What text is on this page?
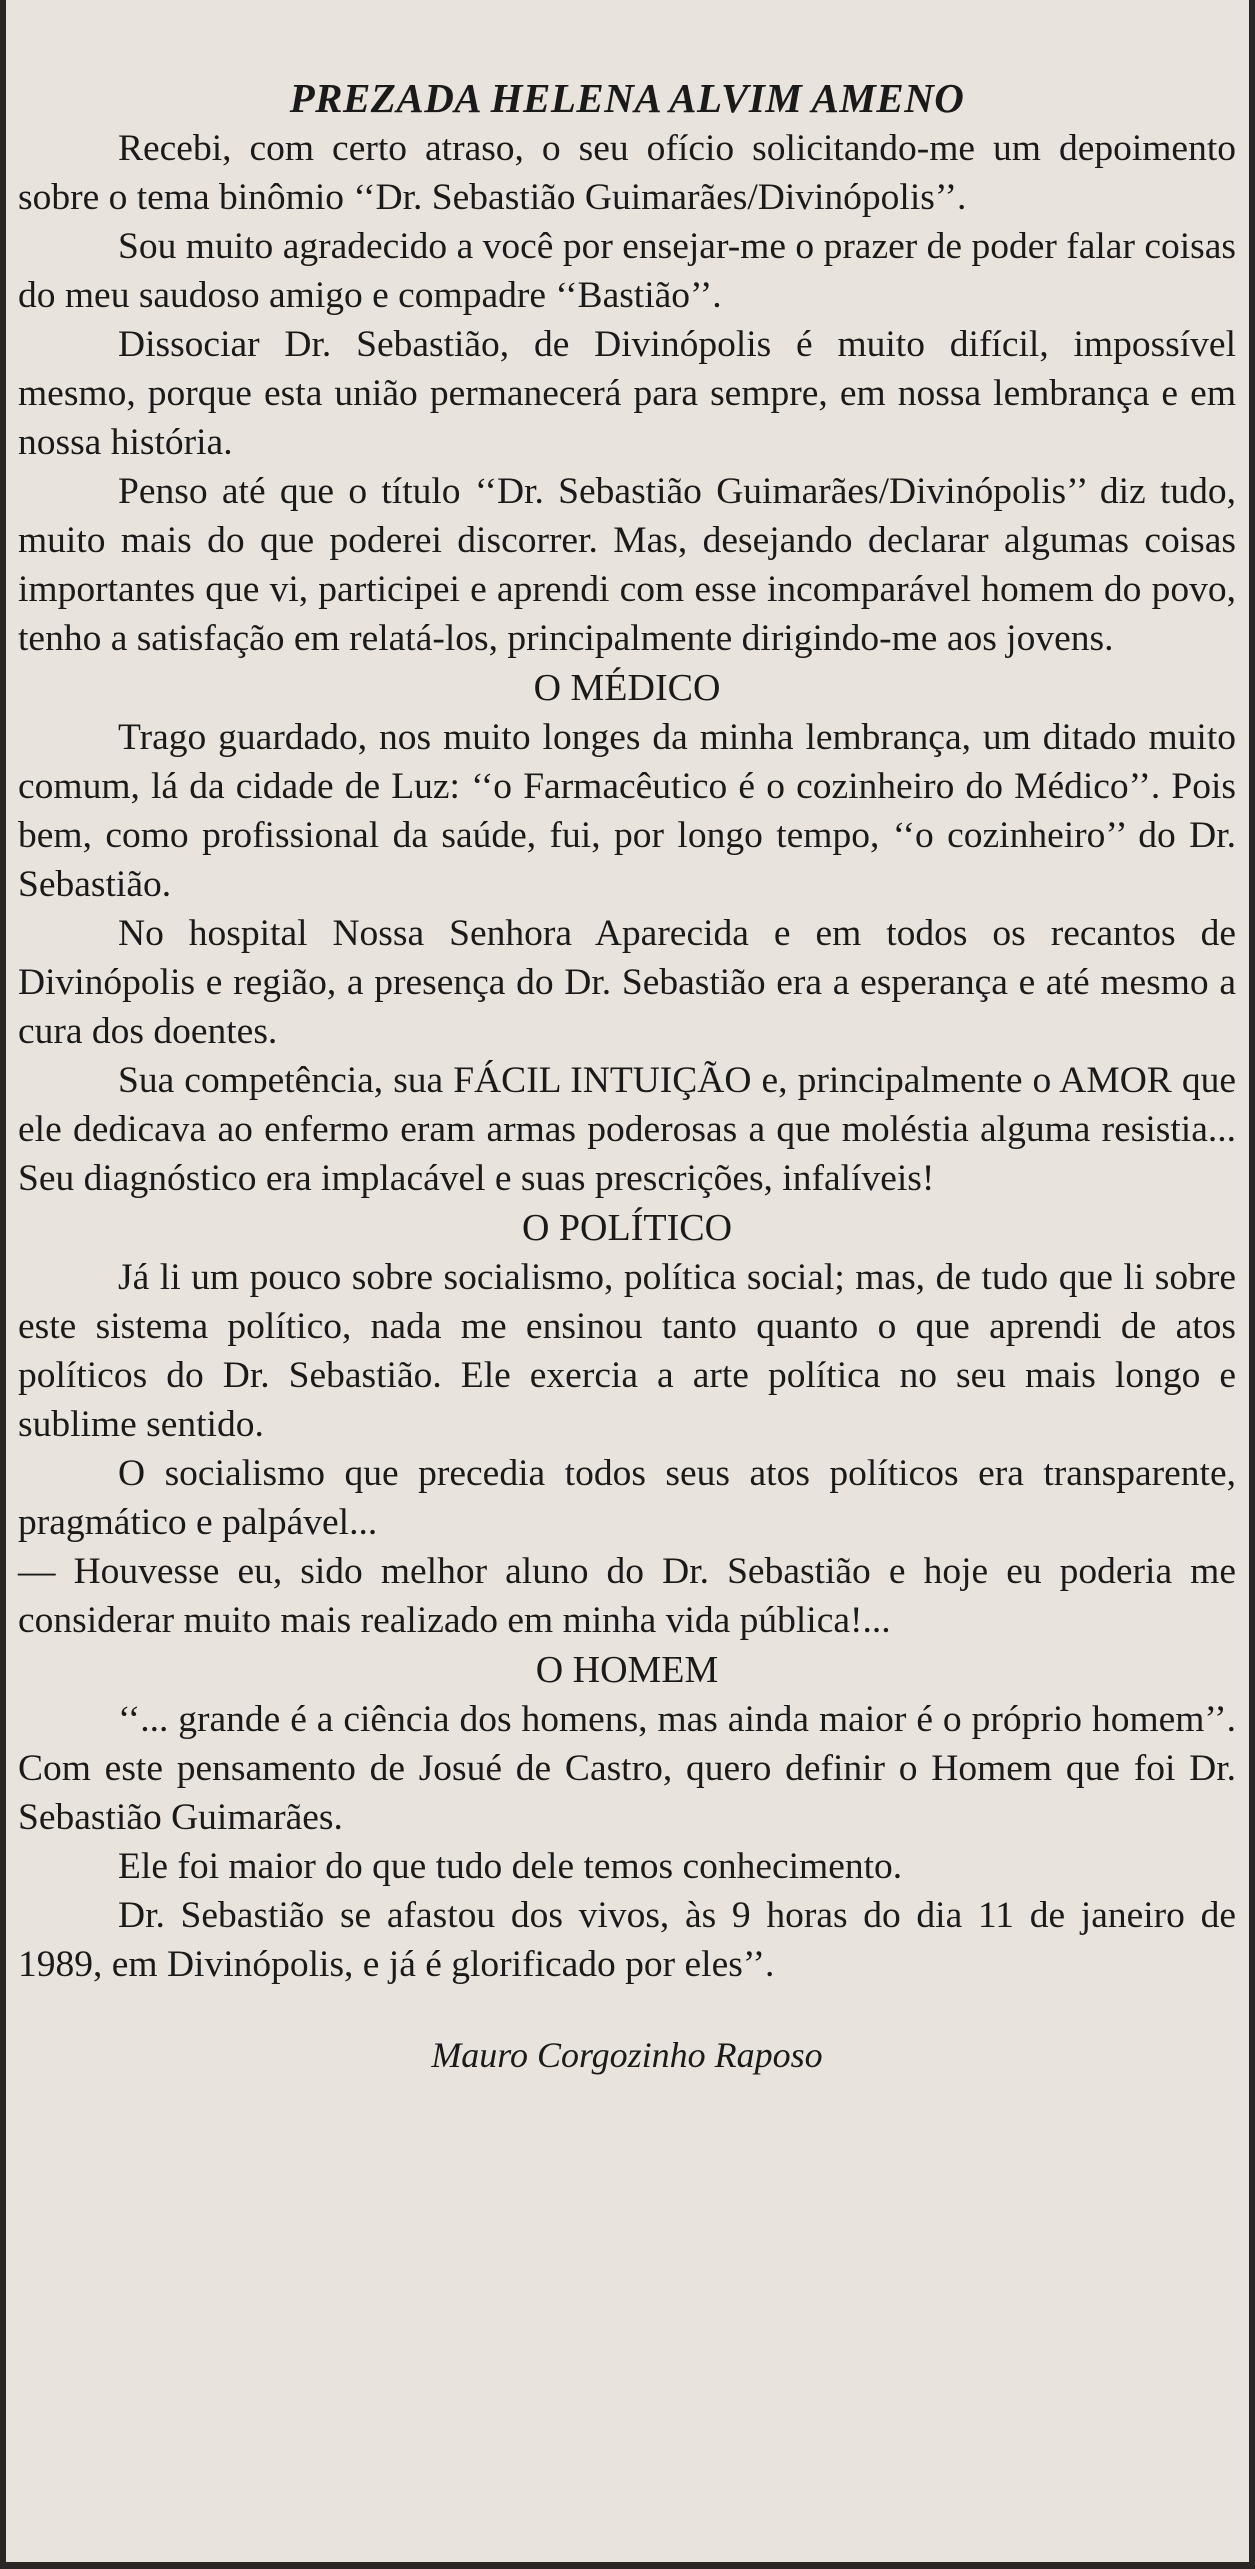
PREZADA HELENA ALVIM AMENO

Recebi, com certo atraso, o seu ofício solicitando-me um depoimento sobre o tema binômio ‘‘Dr. Sebastião Guimarães/Divinópolis’’.

Sou muito agradecido a você por ensejar-me o prazer de poder falar coisas do meu saudoso amigo e compadre ‘‘Bastião’’.

Dissociar Dr. Sebastião, de Divinópolis é muito difícil, impossível mesmo, porque esta união permanecerá para sempre, em nossa lembrança e em nossa história.

Penso até que o título ‘‘Dr. Sebastião Guimarães/Divinópolis’’ diz tudo, muito mais do que poderei discorrer. Mas, desejando declarar algumas coisas importantes que vi, participei e aprendi com esse incomparável homem do povo, tenho a satisfação em relatá-los, principalmente dirigindo-me aos jovens.

O MÉDICO

Trago guardado, nos muito longes da minha lembrança, um ditado muito comum, lá da cidade de Luz: ‘‘o Farmacêutico é o cozinheiro do Médico’’. Pois bem, como profissional da saúde, fui, por longo tempo, ‘‘o cozinheiro’’ do Dr. Sebastião.

No hospital Nossa Senhora Aparecida e em todos os recantos de Divinópolis e região, a presença do Dr. Sebastião era a esperança e até mesmo a cura dos doentes.

Sua competência, sua FÁCIL INTUIÇÃO e, principalmente o AMOR que ele dedicava ao enfermo eram armas poderosas a que moléstia alguma resistia... Seu diagnóstico era implacável e suas prescrições, infalíveis!

O POLÍTICO

Já li um pouco sobre socialismo, política social; mas, de tudo que li sobre este sistema político, nada me ensinou tanto quanto o que aprendi de atos políticos do Dr. Sebastião. Ele exercia a arte política no seu mais longo e sublime sentido.

O socialismo que precedia todos seus atos políticos era transparente, pragmático e palpável...

— Houvesse eu, sido melhor aluno do Dr. Sebastião e hoje eu poderia me considerar muito mais realizado em minha vida pública!...

O HOMEM

‘‘... grande é a ciência dos homens, mas ainda maior é o próprio homem’’. Com este pensamento de Josué de Castro, quero definir o Homem que foi Dr. Sebastião Guimarães.

Ele foi maior do que tudo dele temos conhecimento.

Dr. Sebastião se afastou dos vivos, às 9 horas do dia 11 de janeiro de 1989, em Divinópolis, e já é glorificado por eles’’.

Mauro Corgozinho Raposo
